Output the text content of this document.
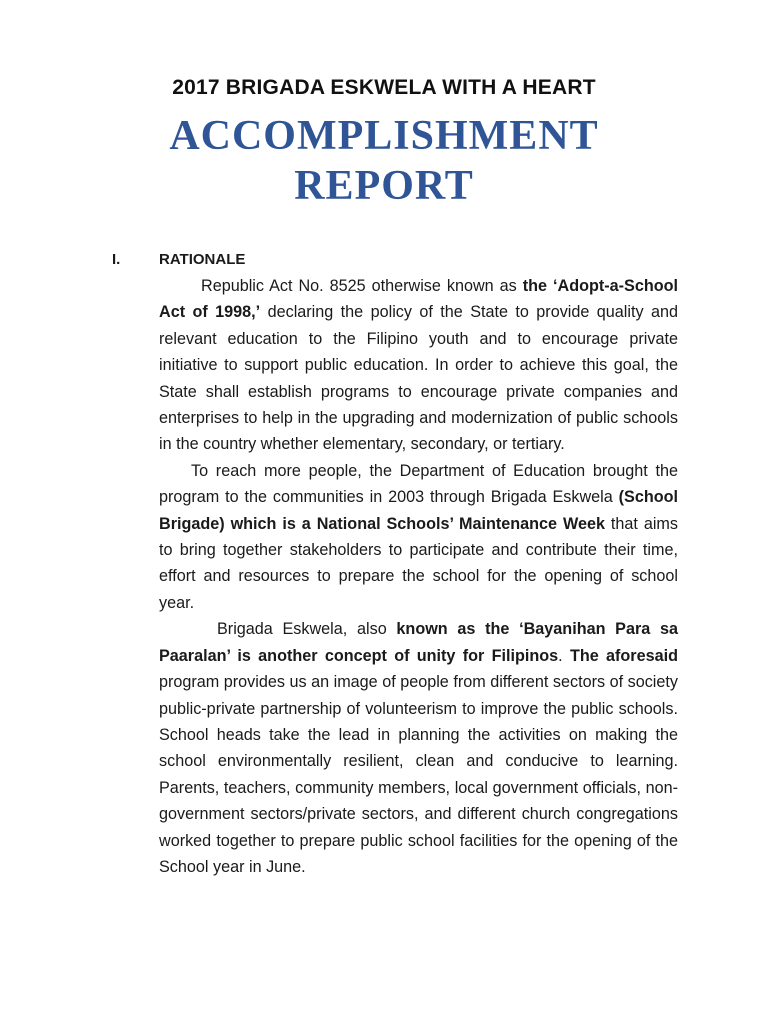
2017 BRIGADA ESKWELA WITH A HEART
ACCOMPLISHMENT
REPORT
I.	RATIONALE

Republic Act No. 8525 otherwise known as the ‘Adopt-a-School Act of 1998,’ declaring the policy of the State to provide quality and relevant education to the Filipino youth and to encourage private initiative to support public education. In order to achieve this goal, the State shall establish programs to encourage private companies and enterprises to help in the upgrading and modernization of public schools in the country whether elementary, secondary, or tertiary.

To reach more people, the Department of Education brought the program to the communities in 2003 through Brigada Eskwela (School Brigade) which is a National Schools’ Maintenance Week that aims to bring together stakeholders to participate and contribute their time, effort and resources to prepare the school for the opening of school year.

Brigada Eskwela, also known as the ‘Bayanihan Para sa Paaralan’ is another concept of unity for Filipinos. The aforesaid program provides us an image of people from different sectors of society public-private partnership of volunteerism to improve the public schools. School heads take the lead in planning the activities on making the school environmentally resilient, clean and conducive to learning. Parents, teachers, community members, local government officials, non-government sectors/private sectors, and different church congregations worked together to prepare public school facilities for the opening of the School year in June.
